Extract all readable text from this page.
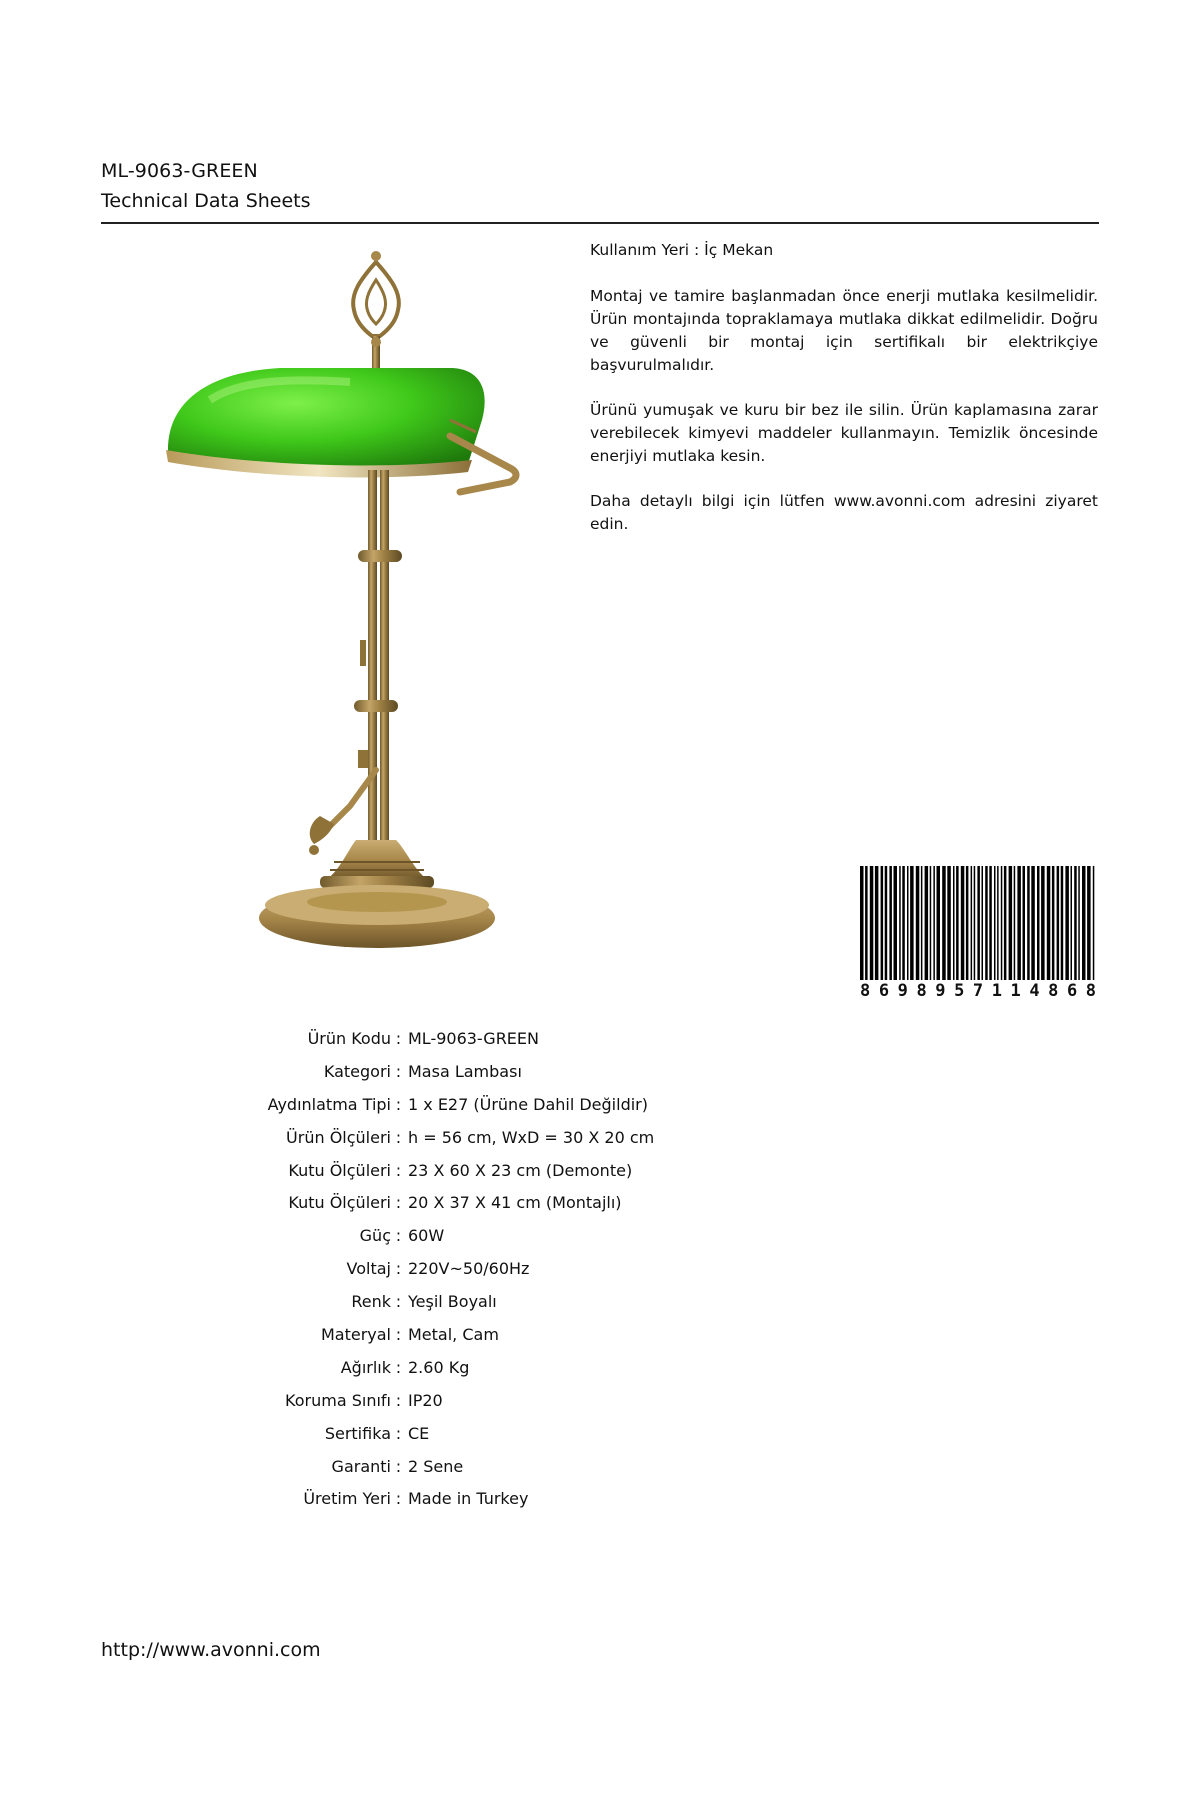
ML-9063-GREEN
Technical Data Sheets

Kullanım Yeri : İç Mekan

Montaj ve tamire başlanmadan önce enerji mutlaka kesilmelidir. Ürün montajında topraklamaya mutlaka dikkat edilmelidir. Doğru ve güvenli bir montaj için sertifikalı bir elektrikçiye başvurulmalıdır.

Ürünü yumuşak ve kuru bir bez ile silin. Ürün kaplamasına zarar verebilecek kimyevi maddeler kullanmayın. Temizlik öncesinde enerjiyi mutlaka kesin.

Daha detaylı bilgi için lütfen www.avonni.com adresini ziyaret edin.

8 6 9 8 9 5 7 1 1 4 8 6 8
Ürün Kodu : ML-9063-GREEN
Kategori : Masa Lambası
Aydınlatma Tipi : 1 x E27 (Ürüne Dahil Değildir)
Ürün Ölçüleri : h = 56 cm, WxD = 30 X 20 cm
Kutu Ölçüleri : 23 X 60 X 23 cm (Demonte)
Kutu Ölçüleri : 20 X 37 X 41 cm (Montajlı)
Güç : 60W
Voltaj : 220V~50/60Hz
Renk : Yeşil Boyalı
Materyal : Metal, Cam
Ağırlık : 2.60 Kg
Koruma Sınıfı : IP20
Sertifika : CE
Garanti : 2 Sene
Üretim Yeri : Made in Turkey
http://www.avonni.com
